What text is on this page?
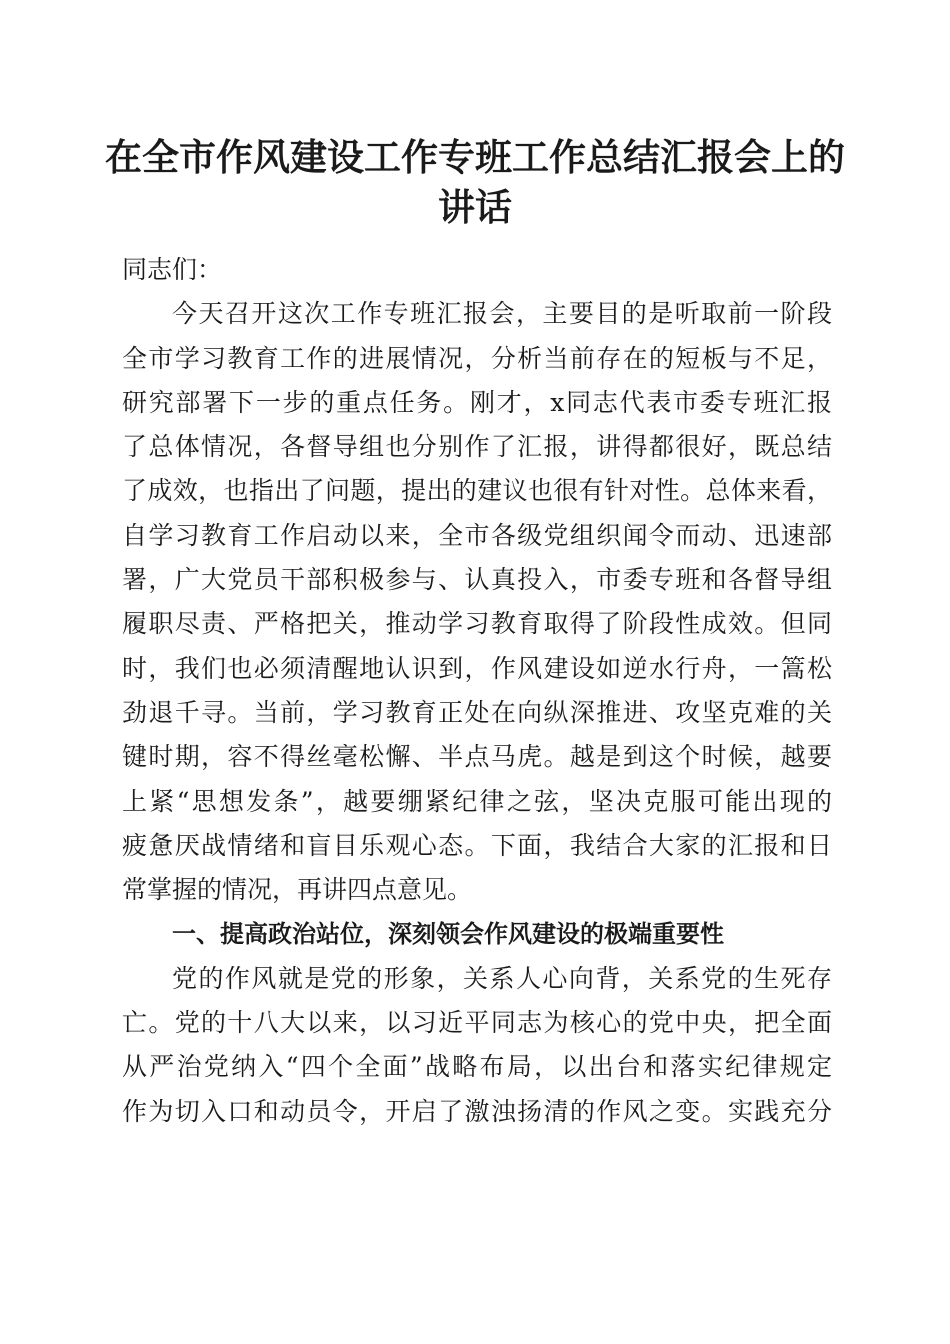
在全市作风建设工作专班工作总结汇报会上的
讲话
同志们：
今天召开这次工作专班汇报会，主要目的是听取前一阶段
全市学习教育工作的进展情况，分析当前存在的短板与不足，
研究部署下一步的重点任务。刚才，x同志代表市委专班汇报
了总体情况，各督导组也分别作了汇报，讲得都很好，既总结
了成效，也指出了问题，提出的建议也很有针对性。总体来看，
自学习教育工作启动以来，全市各级党组织闻令而动、迅速部
署，广大党员干部积极参与、认真投入，市委专班和各督导组
履职尽责、严格把关，推动学习教育取得了阶段性成效。但同
时，我们也必须清醒地认识到，作风建设如逆水行舟，一篙松
劲退千寻。当前，学习教育正处在向纵深推进、攻坚克难的关
键时期，容不得丝毫松懈、半点马虎。越是到这个时候，越要
上紧“思想发条”，越要绷紧纪律之弦，坚决克服可能出现的
疲惫厌战情绪和盲目乐观心态。下面，我结合大家的汇报和日
常掌握的情况，再讲四点意见。
一、提高政治站位，深刻领会作风建设的极端重要性
党的作风就是党的形象，关系人心向背，关系党的生死存
亡。党的十八大以来，以习近平同志为核心的党中央，把全面
从严治党纳入“四个全面”战略布局，以出台和落实纪律规定
作为切入口和动员令，开启了激浊扬清的作风之变。实践充分
